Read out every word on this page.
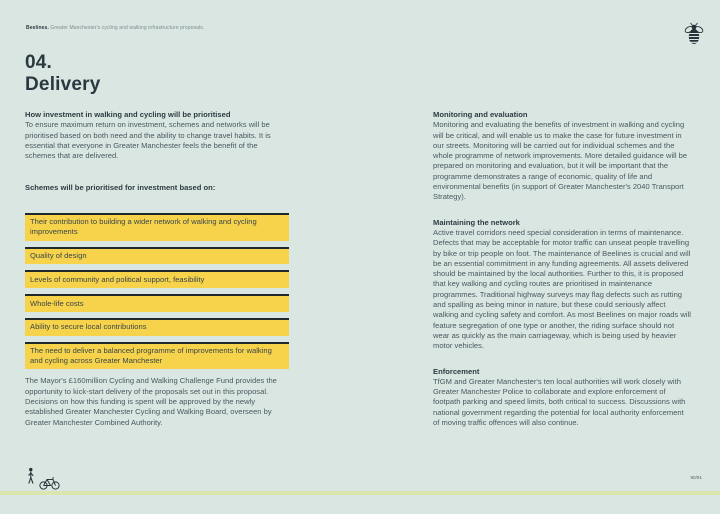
Beelines. Greater Manchester's cycling and walking infrastructure proposals.
04.
Delivery
How investment in walking and cycling will be prioritised
To ensure maximum return on investment, schemes and networks will be prioritised based on both need and the ability to change travel habits. It is essential that everyone in Greater Manchester feels the benefit of the schemes that are delivered.
Schemes will be prioritised for investment based on:
Their contribution to building a wider network of walking and cycling improvements
Quality of design
Levels of community and political support, feasibility
Whole-life costs
Ability to secure local contributions
The need to deliver a balanced programme of improvements for walking and cycling across Greater Manchester
The Mayor's £160million Cycling and Walking Challenge Fund provides the opportunity to kick-start delivery of the proposals set out in this proposal. Decisions on how this funding is spent will be approved by the newly established Greater Manchester Cycling and Walking Board, overseen by Greater Manchester Combined Authority.
Monitoring and evaluation
Monitoring and evaluating the benefits of investment in walking and cycling will be critical, and will enable us to make the case for future investment in our streets. Monitoring will be carried out for individual schemes and the whole programme of network improvements. More detailed guidance will be prepared on monitoring and evaluation, but it will be important that the programme demonstrates a range of economic, quality of life and environmental benefits (in support of Greater Manchester's 2040 Transport Strategy).
Maintaining the network
Active travel corridors need special consideration in terms of maintenance. Defects that may be acceptable for motor traffic can unseat people travelling by bike or trip people on foot. The maintenance of Beelines is crucial and will be an essential commitment in any funding agreements. All assets delivered should be maintained by the local authorities. Further to this, it is proposed that key walking and cycling routes are prioritised in maintenance programmes. Traditional highway surveys may flag defects such as rutting and spalling as being minor in nature, but these could seriously affect walking and cycling safety and comfort. As most Beelines on major roads will feature segregation of one type or another, the riding surface should not wear as quickly as the main carriageway, which is being used by heavier motor vehicles.
Enforcement
TfGM and Greater Manchester's ten local authorities will work closely with Greater Manchester Police to collaborate and explore enforcement of footpath parking and speed limits, both critical to success. Discussions with national government regarding the potential for local authority enforcement of moving traffic offences will also continue.
90/91
